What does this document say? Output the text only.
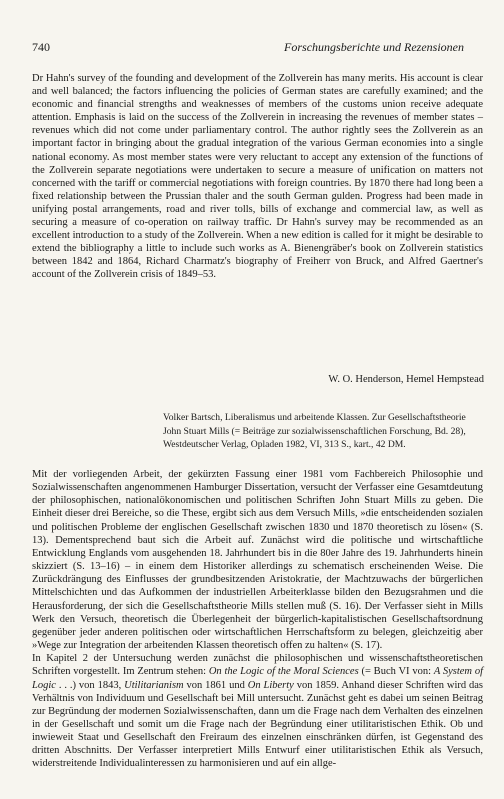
740	Forschungsberichte und Rezensionen

Dr Hahn's survey of the founding and development of the Zollverein has many merits. His account is clear and well balanced; the factors influencing the policies of German states are carefully examined; and the economic and financial strengths and weaknesses of members of the customs union receive adequate attention. Emphasis is laid on the success of the Zollverein in increasing the revenues of member states – revenues which did not come under parliamentary control. The author rightly sees the Zollverein as an important factor in bringing about the gradual integration of the various German economies into a single national economy. As most member states were very reluctant to accept any extension of the functions of the Zollverein separate negotiations were undertaken to secure a measure of unification on matters not concerned with the tariff or commercial negotiations with foreign countries. By 1870 there had long been a fixed relationship between the Prussian thaler and the south German gulden. Progress had been made in unifying postal arrangements, road and river tolls, bills of exchange and commercial law, as well as securing a measure of co-operation on railway traffic. Dr Hahn's survey may be recommended as an excellent introduction to a study of the Zollverein. When a new edition is called for it might be desirable to extend the bibliography a little to include such works as A. Bienengräber's book on Zollverein statistics between 1842 and 1864, Richard Charmatz's biography of Freiherr von Bruck, and Alfred Gaertner's account of the Zollverein crisis of 1849–53.

W. O. Henderson, Hemel Hempstead

Volker Bartsch, Liberalismus und arbeitende Klassen. Zur Gesellschaftstheorie John Stuart Mills (= Beiträge zur sozialwissenschaftlichen Forschung, Bd. 28), Westdeutscher Verlag, Opladen 1982, VI, 313 S., kart., 42 DM.

Mit der vorliegenden Arbeit, der gekürzten Fassung einer 1981 vom Fachbereich Philosophie und Sozialwissenschaften angenommenen Hamburger Dissertation, versucht der Verfasser eine Gesamtdeutung der philosophischen, nationalökonomischen und politischen Schriften John Stuart Mills zu geben. Die Einheit dieser drei Bereiche, so die These, ergibt sich aus dem Versuch Mills, »die entscheidenden sozialen und politischen Probleme der englischen Gesellschaft zwischen 1830 und 1870 theoretisch zu lösen« (S. 13). Dementsprechend baut sich die Arbeit auf. Zunächst wird die politische und wirtschaftliche Entwicklung Englands vom ausgehenden 18. Jahrhundert bis in die 80er Jahre des 19. Jahrhunderts hinein skizziert (S. 13–16) – in einem dem Historiker allerdings zu schematisch erscheinenden Weise. Die Zurückdrängung des Einflusses der grundbesitzenden Aristokratie, der Machtzuwachs der bürgerlichen Mittelschichten und das Aufkommen der industriellen Arbeiterklasse bilden den Bezugsrahmen und die Herausforderung, der sich die Gesellschaftstheorie Mills stellen muß (S. 16). Der Verfasser sieht in Mills Werk den Versuch, theoretisch die Überlegenheit der bürgerlich-kapitalistischen Gesellschaftsordnung gegenüber jeder anderen politischen oder wirtschaftlichen Herrschaftsform zu belegen, gleichzeitig aber »Wege zur Integration der arbeitenden Klassen theoretisch offen zu halten« (S. 17).

In Kapitel 2 der Untersuchung werden zunächst die philosophischen und wissenschaftstheoretischen Schriften vorgestellt. Im Zentrum stehen: On the Logic of the Moral Sciences (= Buch VI von: A System of Logic . . .) von 1843, Utilitarianism von 1861 und On Liberty von 1859. Anhand dieser Schriften wird das Verhältnis von Individuum und Gesellschaft bei Mill untersucht. Zunächst geht es dabei um seinen Beitrag zur Begründung der modernen Sozialwissenschaften, dann um die Frage nach dem Verhalten des einzelnen in der Gesellschaft und somit um die Frage nach der Begründung einer utilitaristischen Ethik. Ob und inwieweit Staat und Gesellschaft den Freiraum des einzelnen einschränken dürfen, ist Gegenstand des dritten Abschnitts. Der Verfasser interpretiert Mills Entwurf einer utilitaristischen Ethik als Versuch, widerstreitende Individualinteressen zu harmonisieren und auf ein allge-
